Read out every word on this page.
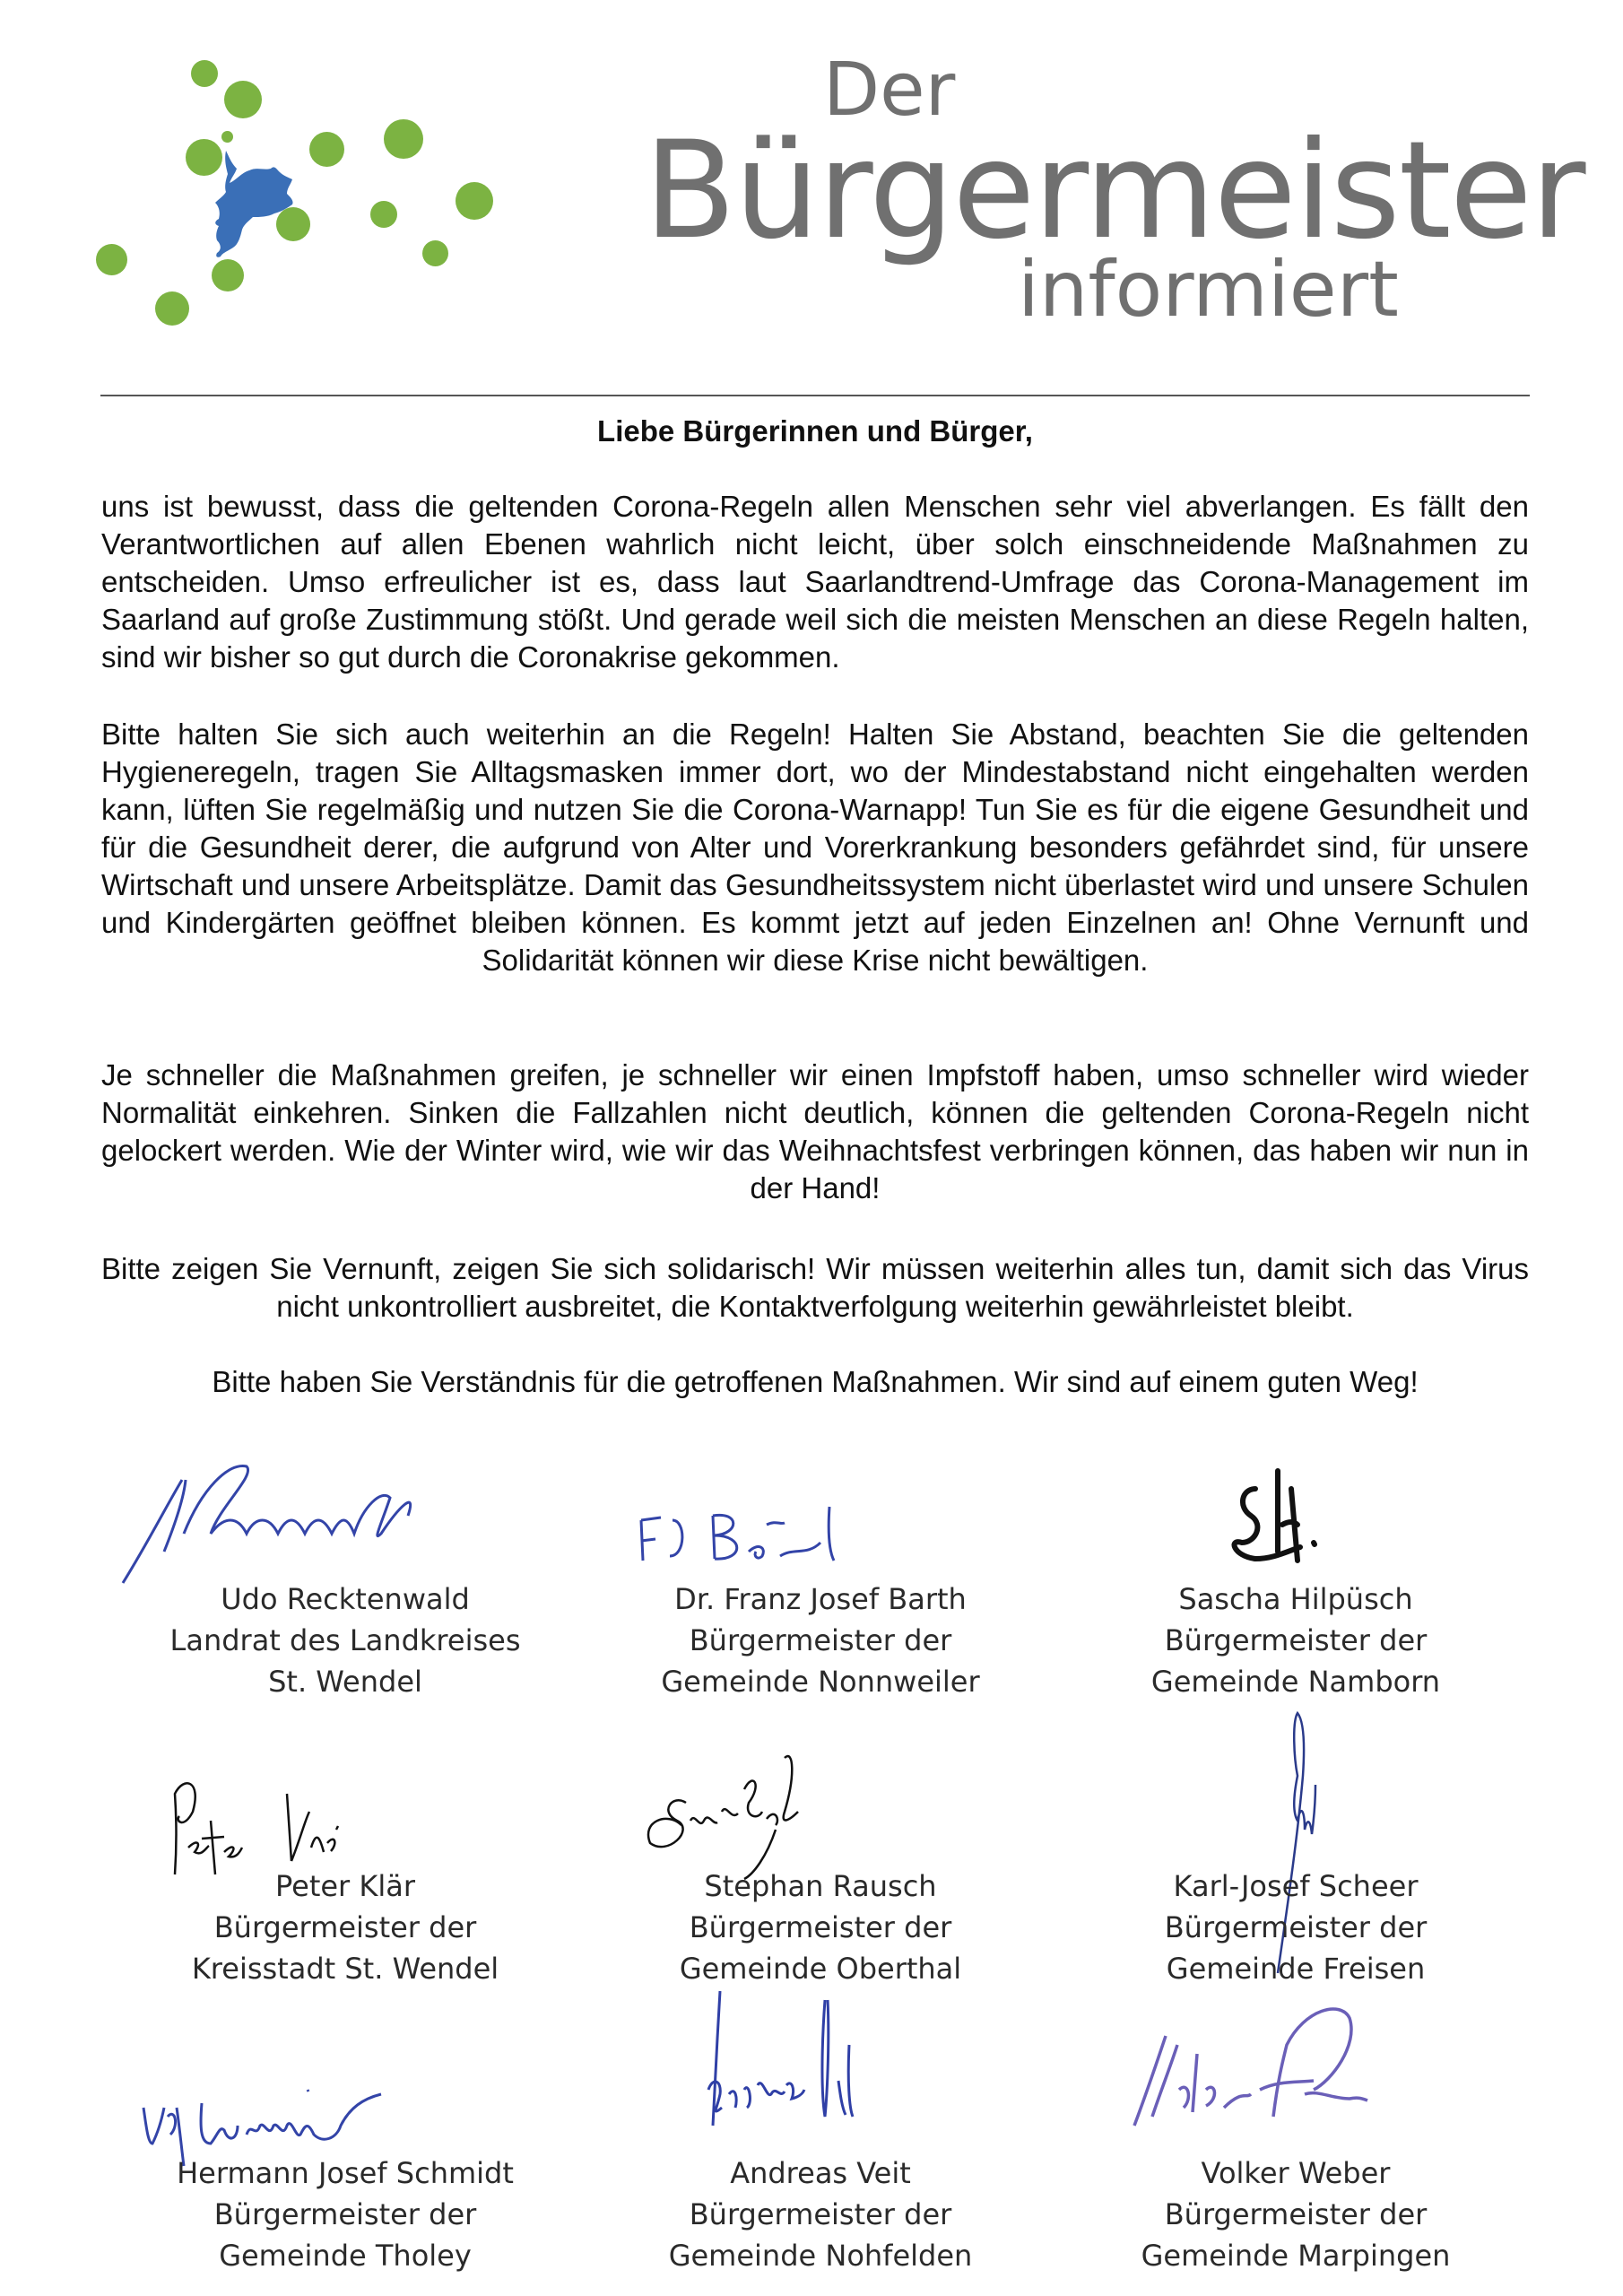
Der
Bürgermeister
informiert
Liebe Bürgerinnen und Bürger,
uns ist bewusst, dass die geltenden Corona-Regeln allen Menschen sehr viel abverlangen. Es fällt den Verantwortlichen auf allen Ebenen wahrlich nicht leicht, über solch einschneidende Maßnahmen zu entscheiden. Umso erfreulicher ist es, dass laut Saarlandtrend-Umfrage das Corona-Management im Saarland auf große Zustimmung stößt. Und gerade weil sich die meisten Menschen an diese Regeln halten, sind wir bisher so gut durch die Coronakrise gekommen.
Bitte halten Sie sich auch weiterhin an die Regeln! Halten Sie Abstand, beachten Sie die geltenden Hygieneregeln, tragen Sie Alltagsmasken immer dort, wo der Mindestabstand nicht eingehalten werden kann, lüften Sie regelmäßig und nutzen Sie die Corona-Warnapp! Tun Sie es für die eigene Gesundheit und für die Gesundheit derer, die aufgrund von Alter und Vorerkrankung besonders gefährdet sind, für unsere Wirtschaft und unsere Arbeitsplätze. Damit das Gesundheitssystem nicht überlastet wird und unsere Schulen und Kindergärten geöffnet bleiben können. Es kommt jetzt auf jeden Einzelnen an! Ohne Vernunft und Solidarität können wir diese Krise nicht bewältigen.
Je schneller die Maßnahmen greifen, je schneller wir einen Impfstoff haben, umso schneller wird wieder Normalität einkehren. Sinken die Fallzahlen nicht deutlich, können die geltenden Corona-Regeln nicht gelockert werden. Wie der Winter wird, wie wir das Weihnachtsfest verbringen können, das haben wir nun in der Hand!
Bitte zeigen Sie Vernunft, zeigen Sie sich solidarisch! Wir müssen weiterhin alles tun, damit sich das Virus nicht unkontrolliert ausbreitet, die Kontaktverfolgung weiterhin gewährleistet bleibt.
Bitte haben Sie Verständnis für die getroffenen Maßnahmen. Wir sind auf einem guten Weg!
Udo Recktenwald
Landrat des Landkreises
St. Wendel
Dr. Franz Josef Barth
Bürgermeister der
Gemeinde Nonnweiler
Sascha Hilpüsch
Bürgermeister der
Gemeinde Namborn
Peter Klär
Bürgermeister der
Kreisstadt St. Wendel
Stephan Rausch
Bürgermeister der
Gemeinde Oberthal
Karl-Josef Scheer
Bürgermeister der
Gemeinde Freisen
Hermann Josef Schmidt
Bürgermeister der
Gemeinde Tholey
Andreas Veit
Bürgermeister der
Gemeinde Nohfelden
Volker Weber
Bürgermeister der
Gemeinde Marpingen
